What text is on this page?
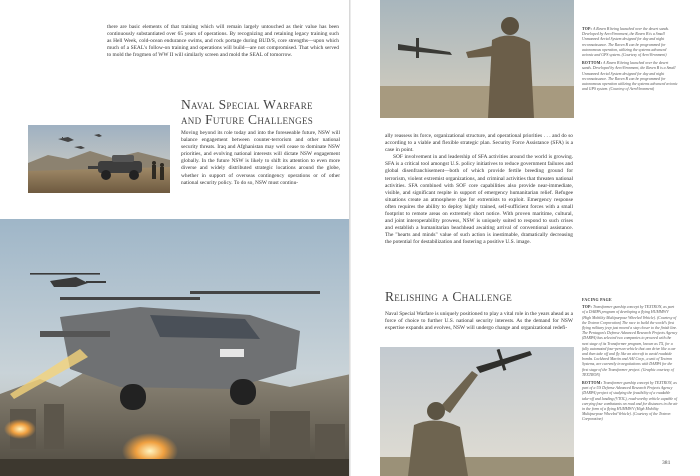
there are basic elements of that training which will remain largely untouched as their value has been continuously substantiated over 65 years of operations. By recognizing and retaining legacy training such as Hell Week, cold-ocean endurance swims, and rock portage during BUD/S, core strengths—upon which much of a SEAL's follow-on training and operations will build—are not compromised. That which served to mold the frogmen of WW II will similarly screen and mold the SEAL of tomorrow.

Naval Special Warfare
and Future Challenges

Moving beyond its role today and into the foreseeable future, NSW will balance engagement between counter-terrorism and other national security threats. Iraq and Afghanistan may well cease to dominate NSW priorities, and evolving national interests will dictate NSW engagement globally. In the future NSW is likely to shift its attention to even more diverse and widely distributed strategic locations around the globe, whether in support of overseas contingency operations or of other national security policy. To do so, NSW must continu-

TOP: A Raven B being launched over the desert sands. Developed by AeroVironment, the Raven B is a Small Unmanned Aerial System designed for day and night reconnaissance. The Raven B can be programmed for autonomous operation, utilizing the systems advanced avionic and GPS system. (Courtesy of AeroVironment)

BOTTOM: A Raven B being launched over the desert sands. Developed by AeroVironment, the Raven B is a Small Unmanned Aerial System designed for day and night reconnaissance. The Raven B can be programmed for autonomous operation utilizing the systems advanced avionic and GPS system. (Courtesy of AeroVironment)

ally reassess its force, organizational structure, and operational priorities . . . and do so according to a viable and flexible strategic plan. Security Force Assistance (SFA) is a case in point.

SOF involvement in and leadership of SFA activities around the world is growing. SFA is a critical tool amongst U.S. policy initiatives to reduce government failures and global disenfranchisement—both of which provide fertile breeding ground for terrorism, violent extremist organizations, and criminal activities that threaten national activities. SFA combined with SOF core capabilities also provide near-immediate, visible, and significant respite in support of emergency humanitarian relief. Refugee situations create an atmosphere ripe for extremists to exploit. Emergency response often requires the ability to deploy highly trained, self-sufficient forces with a small footprint to remote areas on extremely short notice. With proven maritime, cultural, and joint interoperability prowess, NSW is uniquely suited to respond to such crises and establish a humanitarian beachhead awaiting arrival of conventional assistance. The "hearts and minds" value of such action is inestimable, dramatically decreasing the potential for destabilization and fostering a positive U.S. image.

Relishing a Challenge

Naval Special Warfare is uniquely positioned to play a vital role in the years ahead as a force of choice to further U.S. national security interests. As the demand for NSW expertise expands and evolves, NSW will undergo change and organizational redefi-

FACING PAGE

TOP: Transformer gunship concept by TEXTRON, as part of a DARPA program of developing a flying HUMMWV (High Mobility Multipurpose Wheeled Vehicle). (Courtesy of the Textron Corporation) The race to build the world's first flying military jeep just moved a step closer to the finish line. The Pentagon's Defense Advanced Research Projects Agency (DARPA) has selected two companies to proceed with the next stage of its Transformer program, known as TX, for a fully automated four-person vehicle that can drive like a car and then take off and fly like an aircraft to avoid roadside bombs. Lockheed Martin and AAI Corp., a unit of Textron Systems, are currently in negotiations with DARPA for the first stage of the Transformer project. (Graphic courtesy of TEXTRON)

BOTTOM: Transformer gunship concept by TEXTRON, as part of a US Defense Advanced Research Projects Agency (DARPA) project of studying the feasibility of a roadable take-off and landing (VTOL), road-worthy vehicle capable of carrying four combatants on road and for distances in the air in the form of a flying HUMMWV (High Mobility Multipurpose Wheeled Vehicle). (Courtesy of the Textron Corporation)

381
